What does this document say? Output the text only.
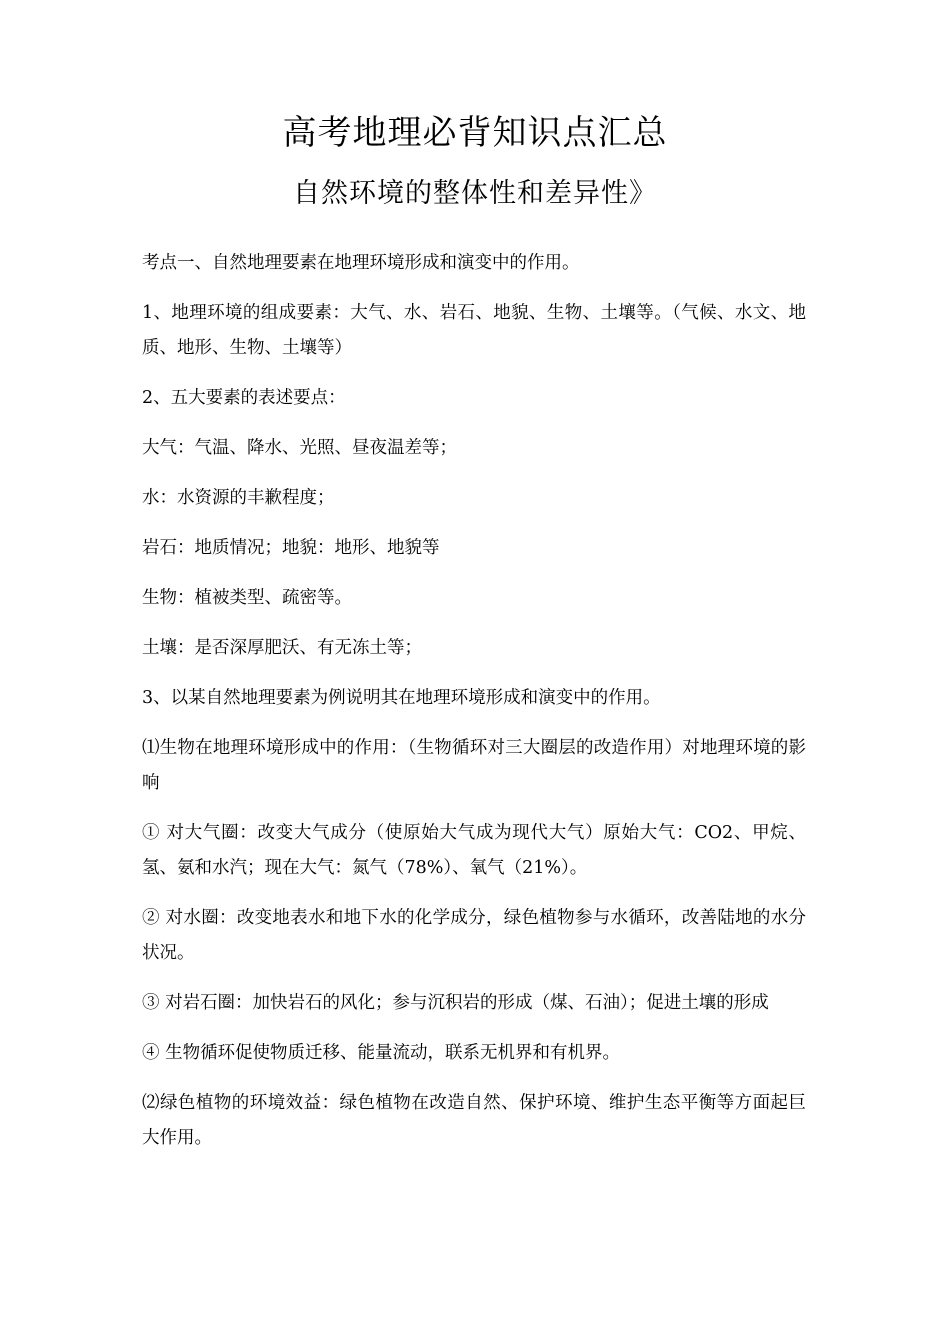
高考地理必背知识点汇总
自然环境的整体性和差异性》

考点一、自然地理要素在地理环境形成和演变中的作用。

1、地理环境的组成要素：大气、水、岩石、地貌、生物、土壤等。（气候、水文、地质、地形、生物、土壤等）

2、五大要素的表述要点：

大气：气温、降水、光照、昼夜温差等；

水：水资源的丰歉程度；

岩石：地质情况；地貌：地形、地貌等

生物：植被类型、疏密等。

土壤：是否深厚肥沃、有无冻土等；

3、以某自然地理要素为例说明其在地理环境形成和演变中的作用。

⑴生物在地理环境形成中的作用：（生物循环对三大圈层的改造作用）对地理环境的影响

① 对大气圈：改变大气成分（使原始大气成为现代大气）原始大气：CO2、甲烷、氢、氨和水汽；现在大气：氮气（78%）、氧气（21%）。

② 对水圈：改变地表水和地下水的化学成分，绿色植物参与水循环，改善陆地的水分状况。

③ 对岩石圈：加快岩石的风化；参与沉积岩的形成（煤、石油）；促进土壤的形成

④ 生物循环促使物质迁移、能量流动，联系无机界和有机界。

⑵绿色植物的环境效益：绿色植物在改造自然、保护环境、维护生态平衡等方面起巨大作用。
